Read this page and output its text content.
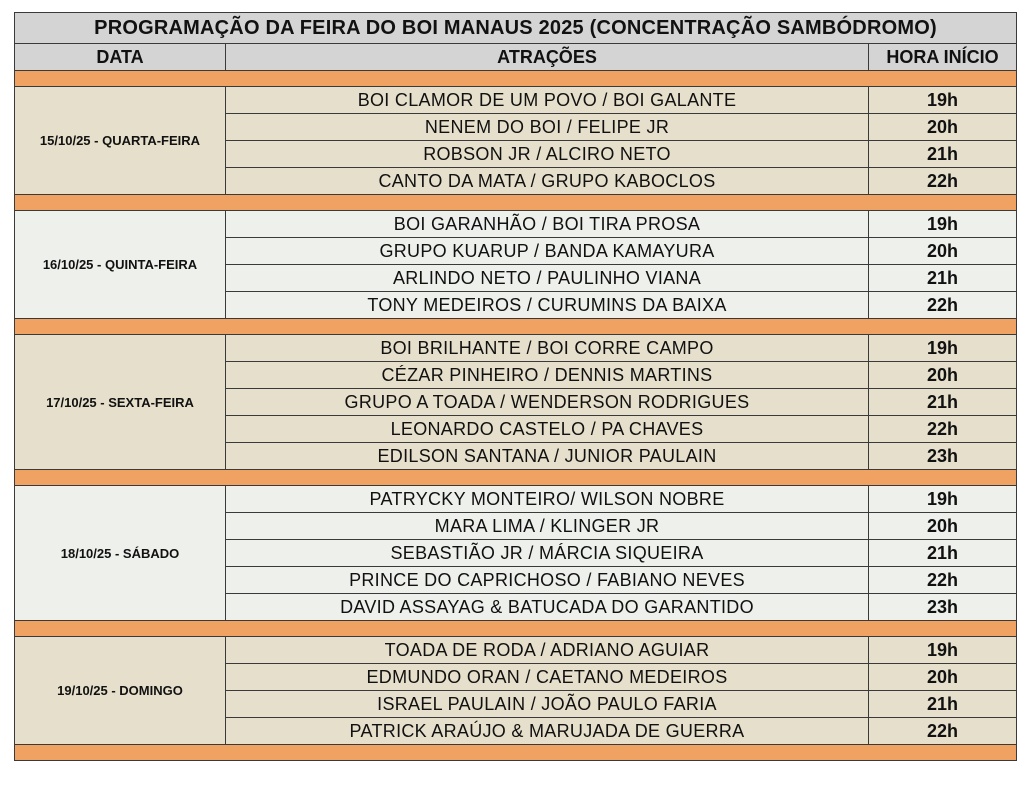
PROGRAMAÇÃO DA FEIRA DO BOI MANAUS 2025 (CONCENTRAÇÃO SAMBÓDROMO)		
DATA	ATRAÇÕES	HORA INÍCIO

15/10/25 - QUARTA-FEIRA	BOI CLAMOR DE UM POVO / BOI GALANTE	19h
	NENEM DO BOI / FELIPE JR	20h
	ROBSON JR / ALCIRO NETO	21h
	CANTO DA MATA / GRUPO KABOCLOS	22h

16/10/25 - QUINTA-FEIRA	BOI GARANHÃO / BOI TIRA PROSA	19h
	GRUPO KUARUP / BANDA KAMAYURA	20h
	ARLINDO NETO / PAULINHO VIANA	21h
	TONY MEDEIROS / CURUMINS DA BAIXA	22h

17/10/25 - SEXTA-FEIRA	BOI BRILHANTE / BOI CORRE CAMPO	19h
	CÉZAR PINHEIRO / DENNIS MARTINS	20h
	GRUPO A TOADA / WENDERSON RODRIGUES	21h
	LEONARDO CASTELO / PA CHAVES	22h
	EDILSON SANTANA / JUNIOR PAULAIN	23h

18/10/25 - SÁBADO	PATRYCKY MONTEIRO/ WILSON NOBRE	19h
	MARA LIMA / KLINGER JR	20h
	SEBASTIÃO JR / MÁRCIA SIQUEIRA	21h
	PRINCE DO CAPRICHOSO / FABIANO NEVES	22h
	DAVID ASSAYAG & BATUCADA DO GARANTIDO	23h

19/10/25 - DOMINGO	TOADA DE RODA / ADRIANO AGUIAR	19h
	EDMUNDO ORAN / CAETANO MEDEIROS	20h
	ISRAEL PAULAIN / JOÃO PAULO FARIA	21h
	PATRICK ARAÚJO & MARUJADA DE GUERRA	22h
